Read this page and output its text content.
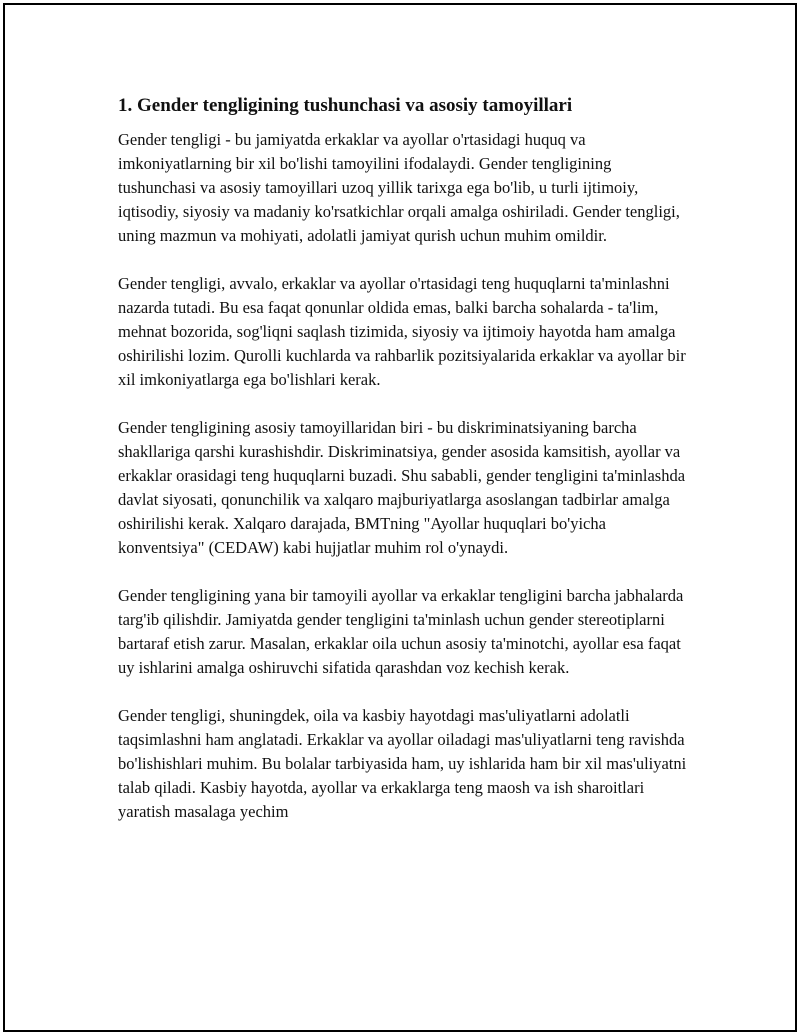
1. Gender tengligining tushunchasi va asosiy tamoyillari

Gender tengligi - bu jamiyatda erkaklar va ayollar o'rtasidagi huquq va imkoniyatlarning bir xil bo'lishi tamoyilini ifodalaydi. Gender tengligining tushunchasi va asosiy tamoyillari uzoq yillik tarixga ega bo'lib, u turli ijtimoiy, iqtisodiy, siyosiy va madaniy ko'rsatkichlar orqali amalga oshiriladi. Gender tengligi, uning mazmun va mohiyati, adolatli jamiyat qurish uchun muhim omildir.

Gender tengligi, avvalo, erkaklar va ayollar o'rtasidagi teng huquqlarni ta'minlashni nazarda tutadi. Bu esa faqat qonunlar oldida emas, balki barcha sohalarda - ta'lim, mehnat bozorida, sog'liqni saqlash tizimida, siyosiy va ijtimoiy hayotda ham amalga oshirilishi lozim. Qurolli kuchlarda va rahbarlik pozitsiyalarida erkaklar va ayollar bir xil imkoniyatlarga ega bo'lishlari kerak.

Gender tengligining asosiy tamoyillaridan biri - bu diskriminatsiyaning barcha shakllariga qarshi kurashishdir. Diskriminatsiya, gender asosida kamsitish, ayollar va erkaklar orasidagi teng huquqlarni buzadi. Shu sababli, gender tengligini ta'minlashda davlat siyosati, qonunchilik va xalqaro majburiyatlarga asoslangan tadbirlar amalga oshirilishi kerak. Xalqaro darajada, BMTning "Ayollar huquqlari bo'yicha konventsiya" (CEDAW) kabi hujjatlar muhim rol o'ynaydi.

Gender tengligining yana bir tamoyili ayollar va erkaklar tengligini barcha jabhalarda targ'ib qilishdir. Jamiyatda gender tengligini ta'minlash uchun gender stereotiplarni bartaraf etish zarur. Masalan, erkaklar oila uchun asosiy ta'minotchi, ayollar esa faqat uy ishlarini amalga oshiruvchi sifatida qarashdan voz kechish kerak.

Gender tengligi, shuningdek, oila va kasbiy hayotdagi mas'uliyatlarni adolatli taqsimlashni ham anglatadi. Erkaklar va ayollar oiladagi mas'uliyatlarni teng ravishda bo'lishishlari muhim. Bu bolalar tarbiyasida ham, uy ishlarida ham bir xil mas'uliyatni talab qiladi. Kasbiy hayotda, ayollar va erkaklarga teng maosh va ish sharoitlari yaratish masalaga yechim
